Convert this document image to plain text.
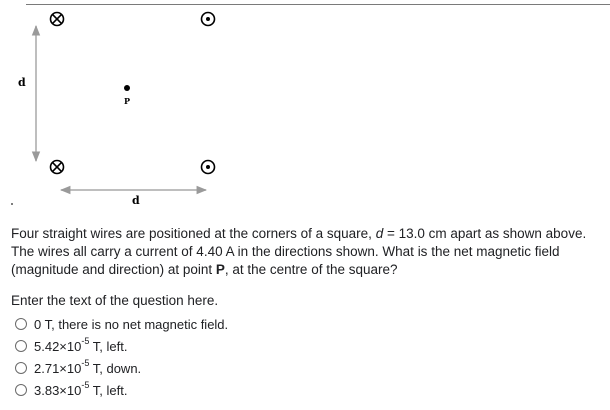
d
P
d
Four straight wires are positioned at the corners of a square, d = 13.0 cm apart as shown above. The wires all carry a current of 4.40 A in the directions shown. What is the net magnetic field (magnitude and direction) at point P, at the centre of the square?
Enter the text of the question here.
0 T, there is no net magnetic field.
$5.42\times 10^{-5}$ T, left.
$2.71\times 10^{-5}$ T, down.
$3.83\times 10^{-5}$ T, left.
